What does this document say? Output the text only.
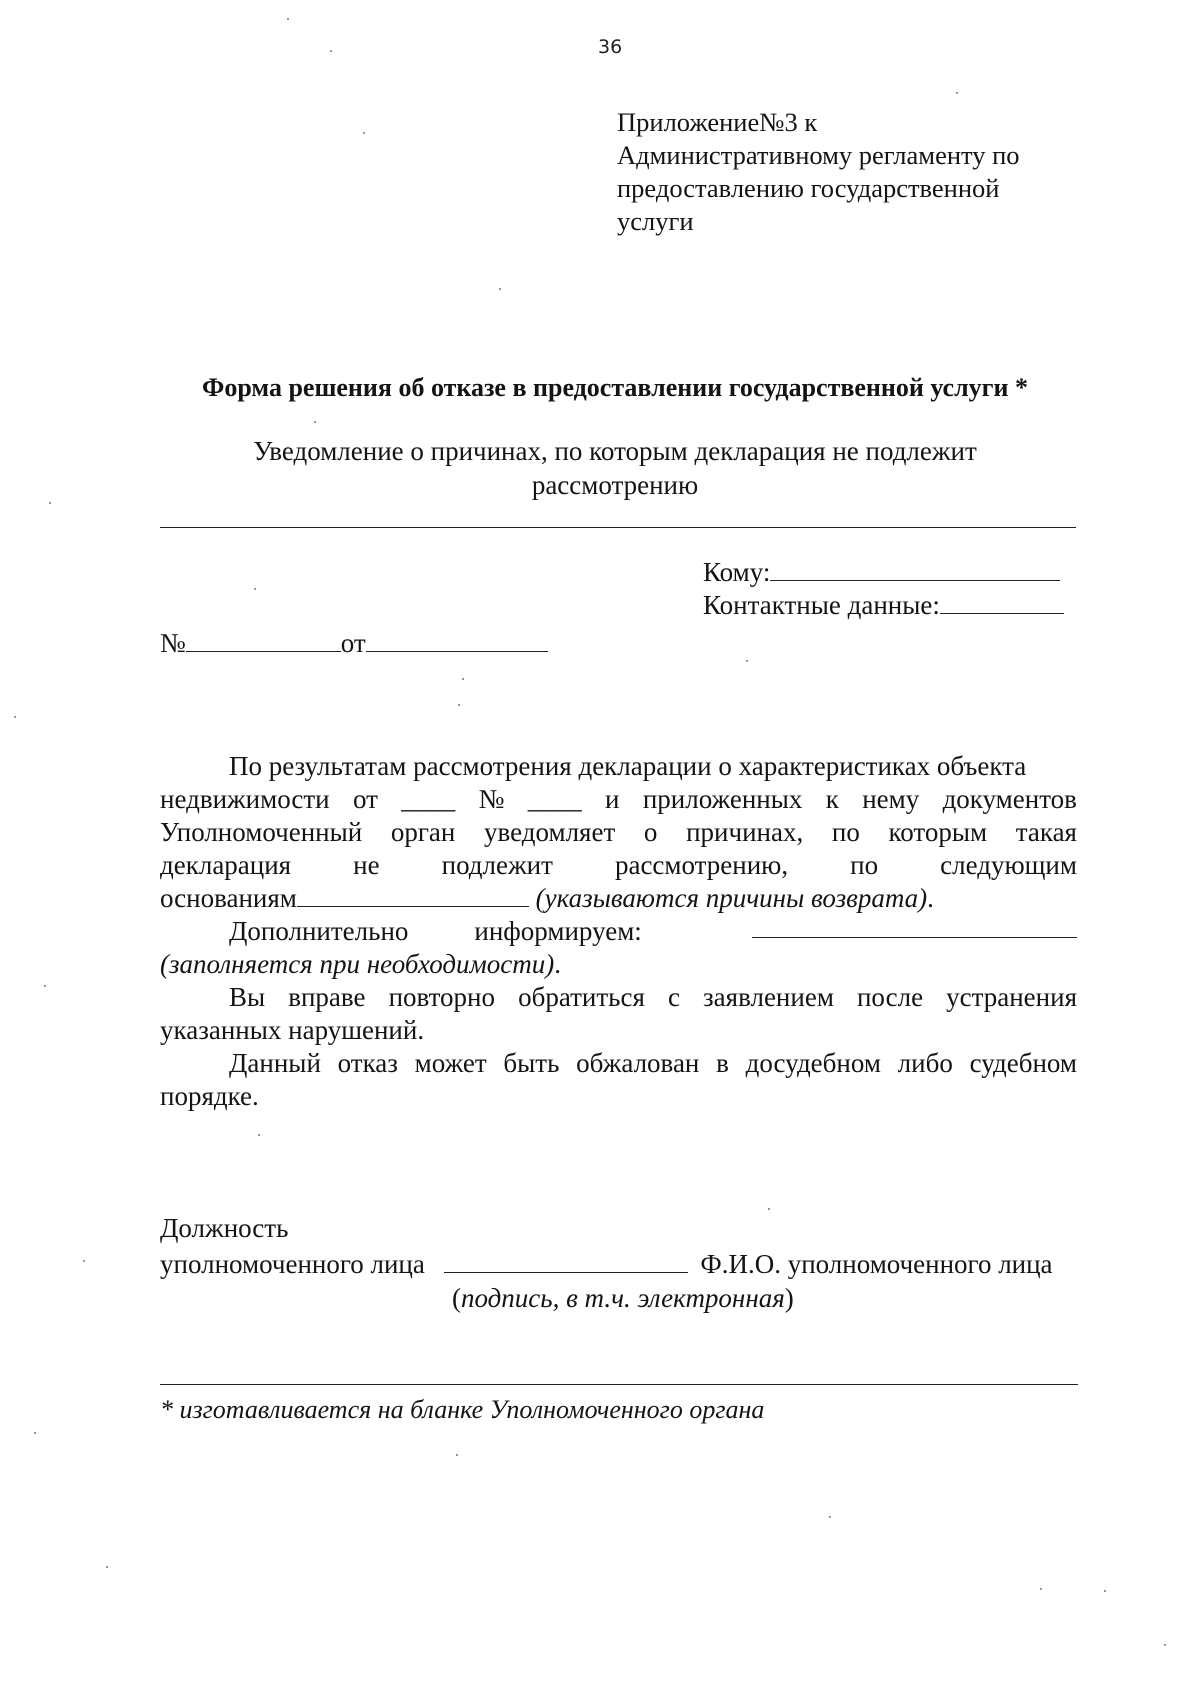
36
Приложение№3 к
Административному регламенту по
предоставлению государственной
услуги
Форма решения об отказе в предоставлении государственной услуги *
Уведомление о причинах, по которым декларация не подлежит
рассмотрению
Кому:
Контактные данные:
№	от
По результатам рассмотрения декларации о характеристиках объекта
недвижимости от ____ № ____ и приложенных к нему документов
Уполномоченный орган уведомляет о причинах, по которым такая
декларация не подлежит рассмотрению, по следующим
основаниям	(указываются причины возврата).
Дополнительно информируем:
(заполняется при необходимости).
Вы вправе повторно обратиться с заявлением после устранения
указанных нарушений.
Данный отказ может быть обжалован в досудебном либо судебном
порядке.
Должность
уполномоченного лица	Ф.И.О. уполномоченного лица
(подпись, в т.ч. электронная)
* изготавливается на бланке Уполномоченного органа
